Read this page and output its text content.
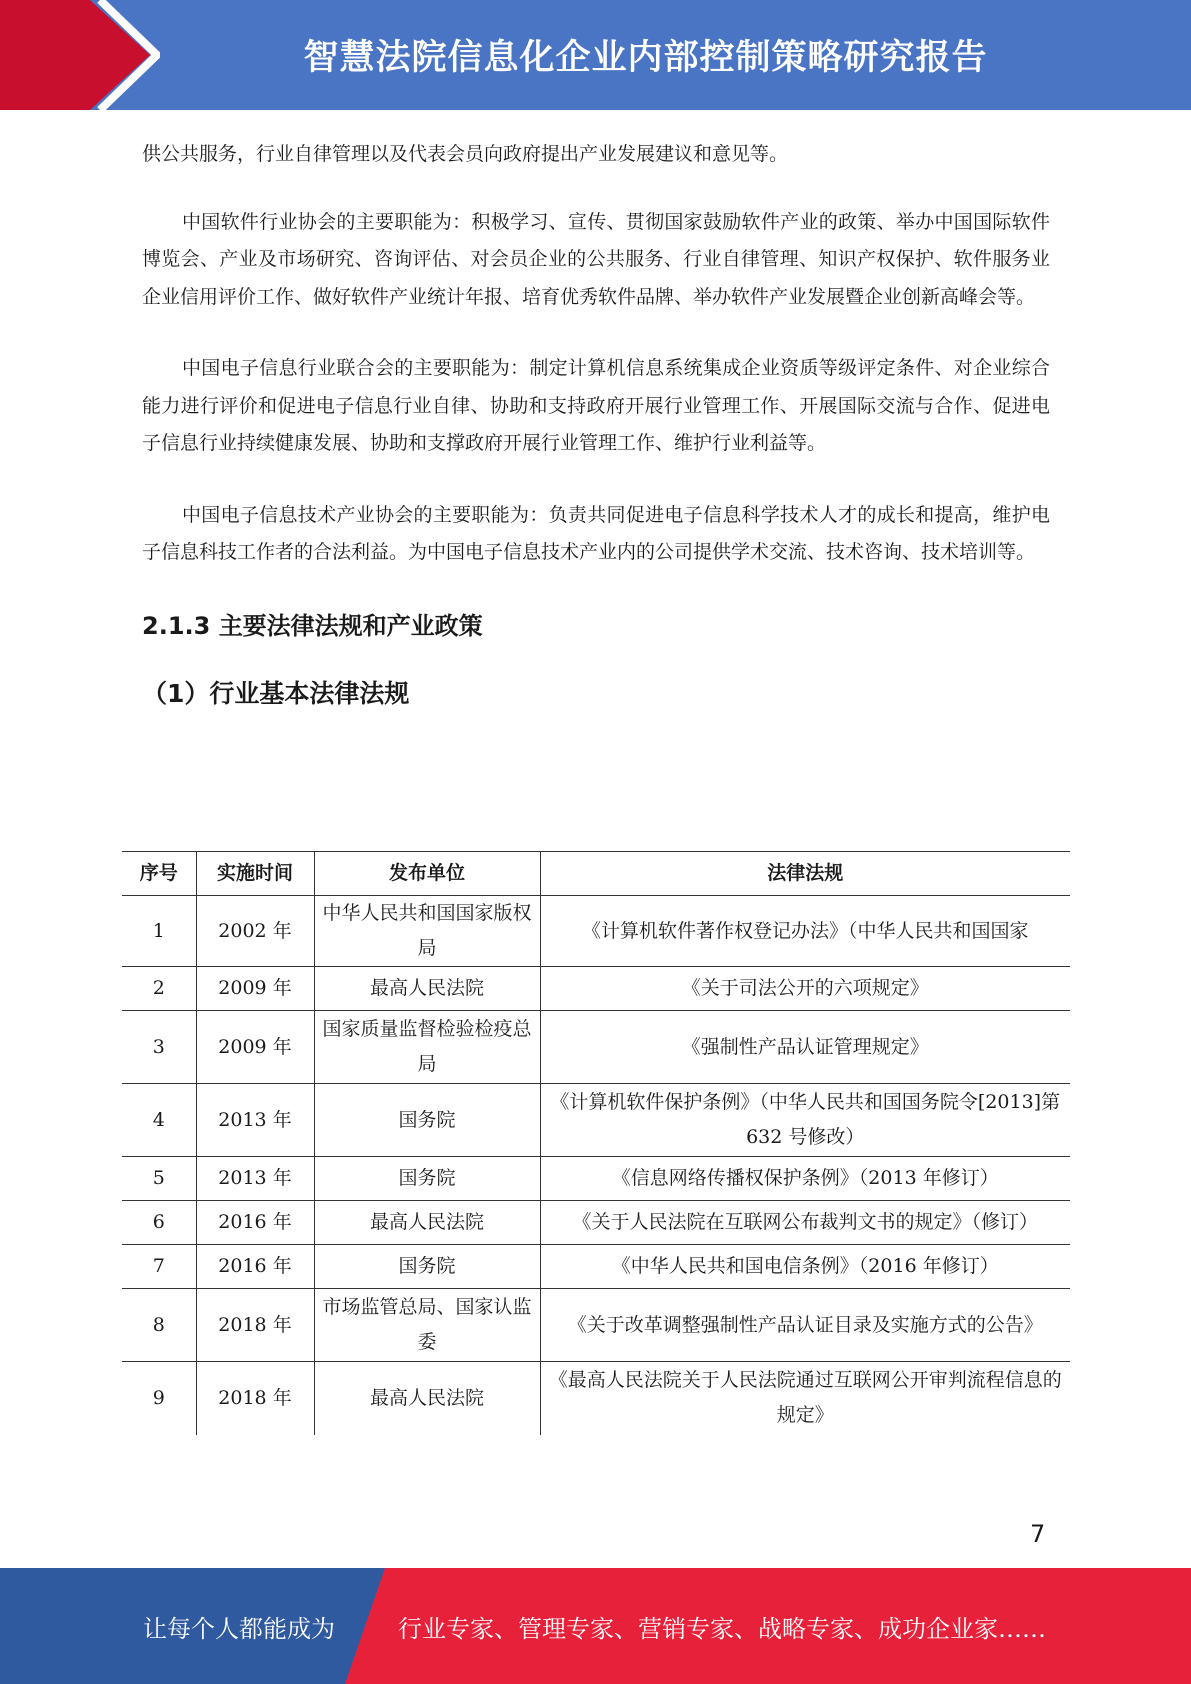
智慧法院信息化企业内部控制策略研究报告

供公共服务，行业自律管理以及代表会员向政府提出产业发展建议和意见等。

中国软件行业协会的主要职能为：积极学习、宣传、贯彻国家鼓励软件产业的政策、举办中国国际软件博览会、产业及市场研究、咨询评估、对会员企业的公共服务、行业自律管理、知识产权保护、软件服务业企业信用评价工作、做好软件产业统计年报、培育优秀软件品牌、举办软件产业发展暨企业创新高峰会等。

中国电子信息行业联合会的主要职能为：制定计算机信息系统集成企业资质等级评定条件、对企业综合能力进行评价和促进电子信息行业自律、协助和支持政府开展行业管理工作、开展国际交流与合作、促进电子信息行业持续健康发展、协助和支撑政府开展行业管理工作、维护行业利益等。

中国电子信息技术产业协会的主要职能为：负责共同促进电子信息科学技术人才的成长和提高，维护电子信息科技工作者的合法利益。为中国电子信息技术产业内的公司提供学术交流、技术咨询、技术培训等。

2.1.3 主要法律法规和产业政策
（1）行业基本法律法规
序号	实施时间	发布单位	法律法规
1	2002 年	中华人民共和国国家版权局	《计算机软件著作权登记办法》（中华人民共和国国家
2	2009 年	最高人民法院	《关于司法公开的六项规定》
3	2009 年	国家质量监督检验检疫总局	《强制性产品认证管理规定》
4	2013 年	国务院	《计算机软件保护条例》（中华人民共和国国务院令[2013]第 632 号修改）
5	2013 年	国务院	《信息网络传播权保护条例》（2013 年修订）
6	2016 年	最高人民法院	《关于人民法院在互联网公布裁判文书的规定》（修订）
7	2016 年	国务院	《中华人民共和国电信条例》（2016 年修订）
8	2018 年	市场监管总局、国家认监委	《关于改革调整强制性产品认证目录及实施方式的公告》
9	2018 年	最高人民法院	《最高人民法院关于人民法院通过互联网公开审判流程信息的规定》
7
让每个人都能成为	行业专家、管理专家、营销专家、战略专家、成功企业家……
